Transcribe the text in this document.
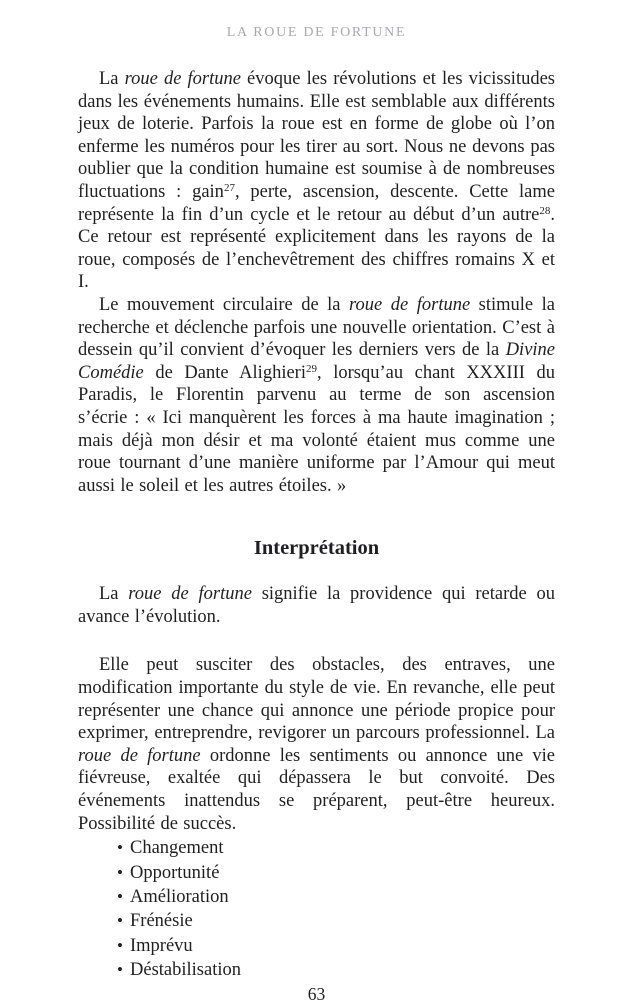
LA ROUE DE FORTUNE

La roue de fortune évoque les révolutions et les vicissitudes dans les événements humains. Elle est semblable aux différents jeux de loterie. Parfois la roue est en forme de globe où l’on enferme les numéros pour les tirer au sort. Nous ne devons pas oublier que la condition humaine est soumise à de nombreuses fluctuations : gain$^{27}$, perte, ascension, descente. Cette lame représente la fin d’un cycle et le retour au début d’un autre$^{28}$. Ce retour est représenté explicitement dans les rayons de la roue, composés de l’enchevêtrement des chiffres romains X et I.

Le mouvement circulaire de la roue de fortune stimule la recherche et déclenche parfois une nouvelle orientation. C’est à dessein qu’il convient d’évoquer les derniers vers de la Divine Comédie de Dante Alighieri$^{29}$, lorsqu’au chant XXXIII du Paradis, le Florentin parvenu au terme de son ascension s’écrie : « Ici manquèrent les forces à ma haute imagination ; mais déjà mon désir et ma volonté étaient mus comme une roue tournant d’une manière uniforme par l’Amour qui meut aussi le soleil et les autres étoiles. »

Interprétation

La roue de fortune signifie la providence qui retarde ou avance l’évolution.

Elle peut susciter des obstacles, des entraves, une modification importante du style de vie. En revanche, elle peut représenter une chance qui annonce une période propice pour exprimer, entreprendre, revigorer un parcours professionnel. La roue de fortune ordonne les sentiments ou annonce une vie fiévreuse, exaltée qui dépassera le but convoité. Des événements inattendus se préparent, peut-être heureux. Possibilité de succès.

• Changement
• Opportunité
• Amélioration
• Frénésie
• Imprévu
• Déstabilisation
63
